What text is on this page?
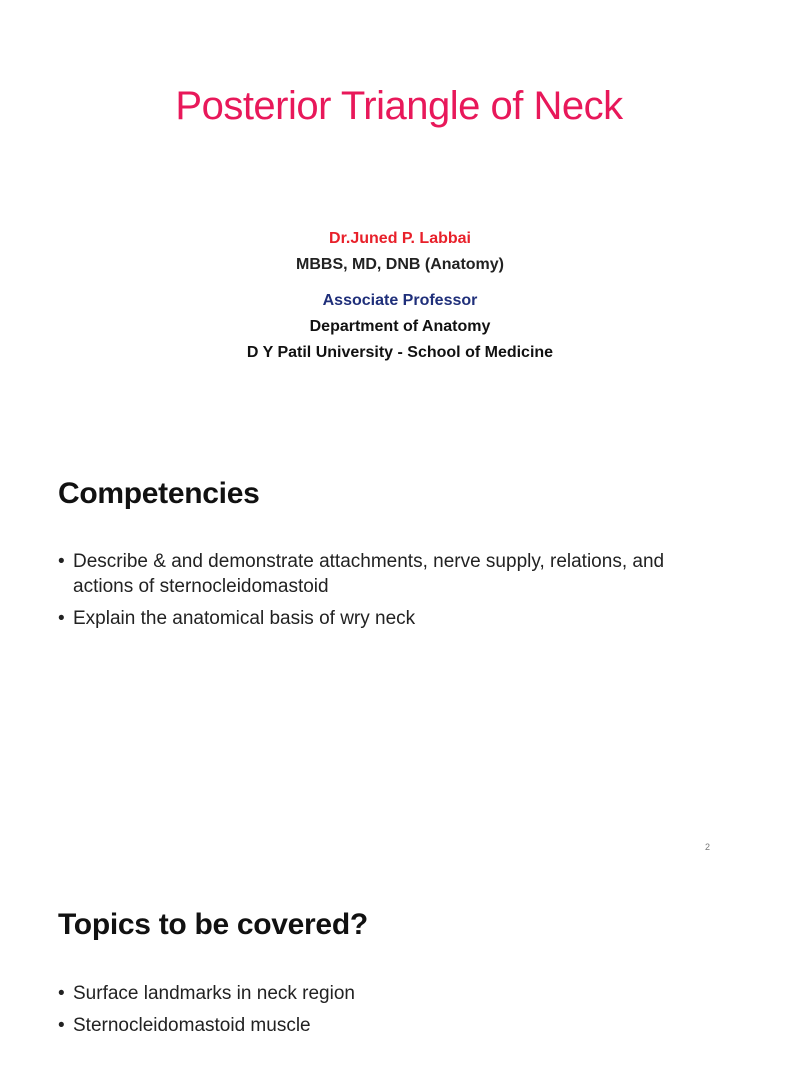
Posterior Triangle of Neck
Dr.Juned P. Labbai
MBBS, MD, DNB (Anatomy)
Associate Professor
Department of Anatomy
D Y Patil University - School of Medicine
Competencies
• Describe & and demonstrate attachments, nerve supply, relations, and actions of sternocleidomastoid
• Explain the anatomical basis of wry neck
2
Topics to be covered?
• Surface landmarks in neck region
• Sternocleidomastoid muscle
